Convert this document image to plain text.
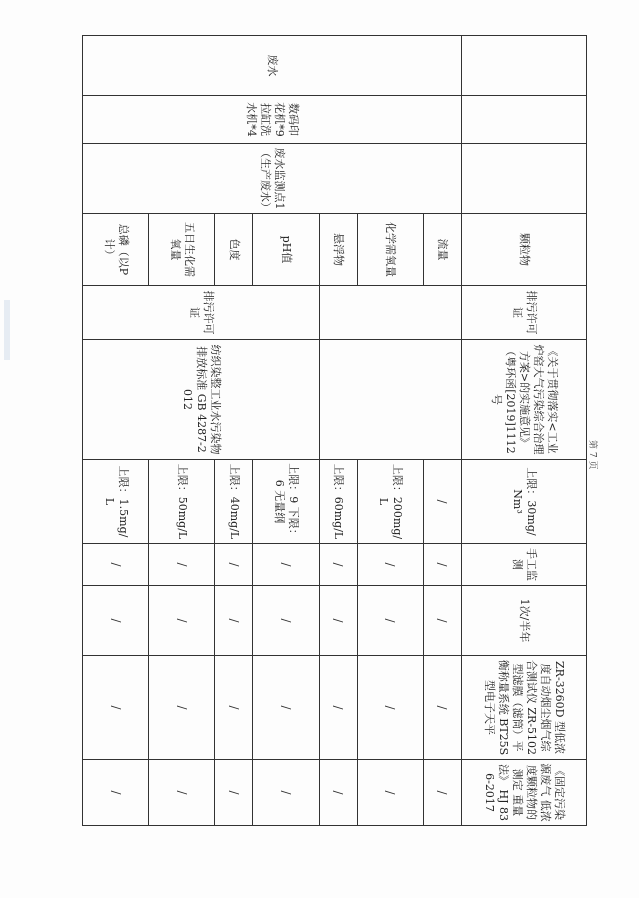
			颗粒物	排污许可证	《关于贯彻落实<工业炉窑大气污染综合治理方案>的实施意见》（粤环函[2019]1112号	上限：30mg/Nm³	手工监测	1次/半年	ZR-3260D 型低浓度自动烟尘烟气综合测试仪 ZR-5102 型滤膜（滤筒）平衡称量系统 BT25S 型电子天平	《固定污染源废气 低浓度颗粒物的测定 重量法》 HJ 836-2017
废水	数码印花机*9 拉缸洗水机*4	废水监测点1（生产废水）	流量			/	/	/	/	/
			化学需氧量			上限：200mg/L	/	/	/	/
			悬浮物			上限：60mg/L	/	/	/	/
			pH值	排污许可证	纺织染整工业水污染物排放标准 GB 4287-2012	上限：9 下限：6 无量纲	/	/	/	/
			色度			上限：40mg/L	/	/	/	/
			五日生化需氧量			上限：50mg/L	/	/	/	/
			总磷（以P计）			上限：1.5mg/L	/	/	/	/
第 7 页
